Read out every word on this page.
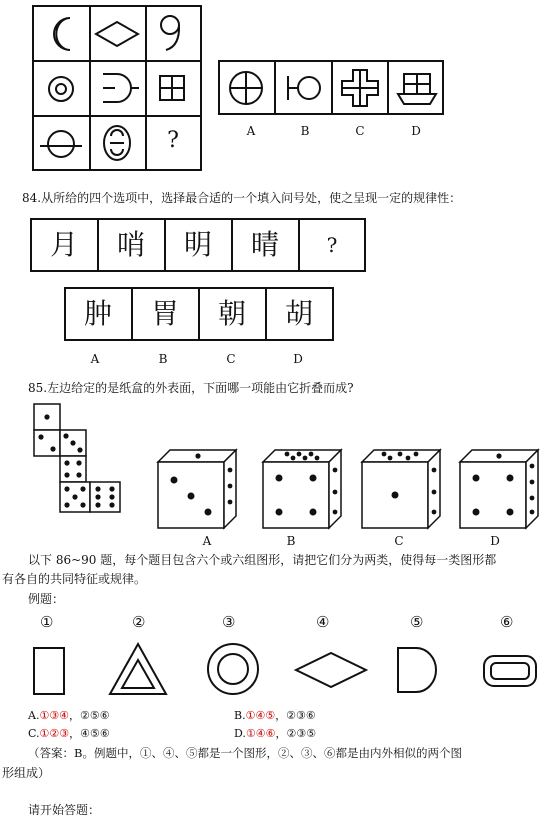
?	A	B	C	D
84.从所给的四个选项中，选择最合适的一个填入问号处，使之呈现一定的规律性：
月	哨	明	晴	?
肿	胃	朝	胡
A	B	C	D
85.左边给定的是纸盒的外表面，下面哪一项能由它折叠而成?
A	B	C	D
以下 86~90 题，每个题目包含六个或六组图形，请把它们分为两类，使得每一类图形都
有各自的共同特征或规律。
例题：
①	②	③	④	⑤	⑥
A.①③④，②⑤⑥	B.①④⑤，②③⑥
C.①②③，④⑤⑥	D.①④⑥，②③⑤
（答案：B。例题中，①、④、⑤都是一个图形，②、③、⑥都是由内外相似的两个图
形组成）
请开始答题：
